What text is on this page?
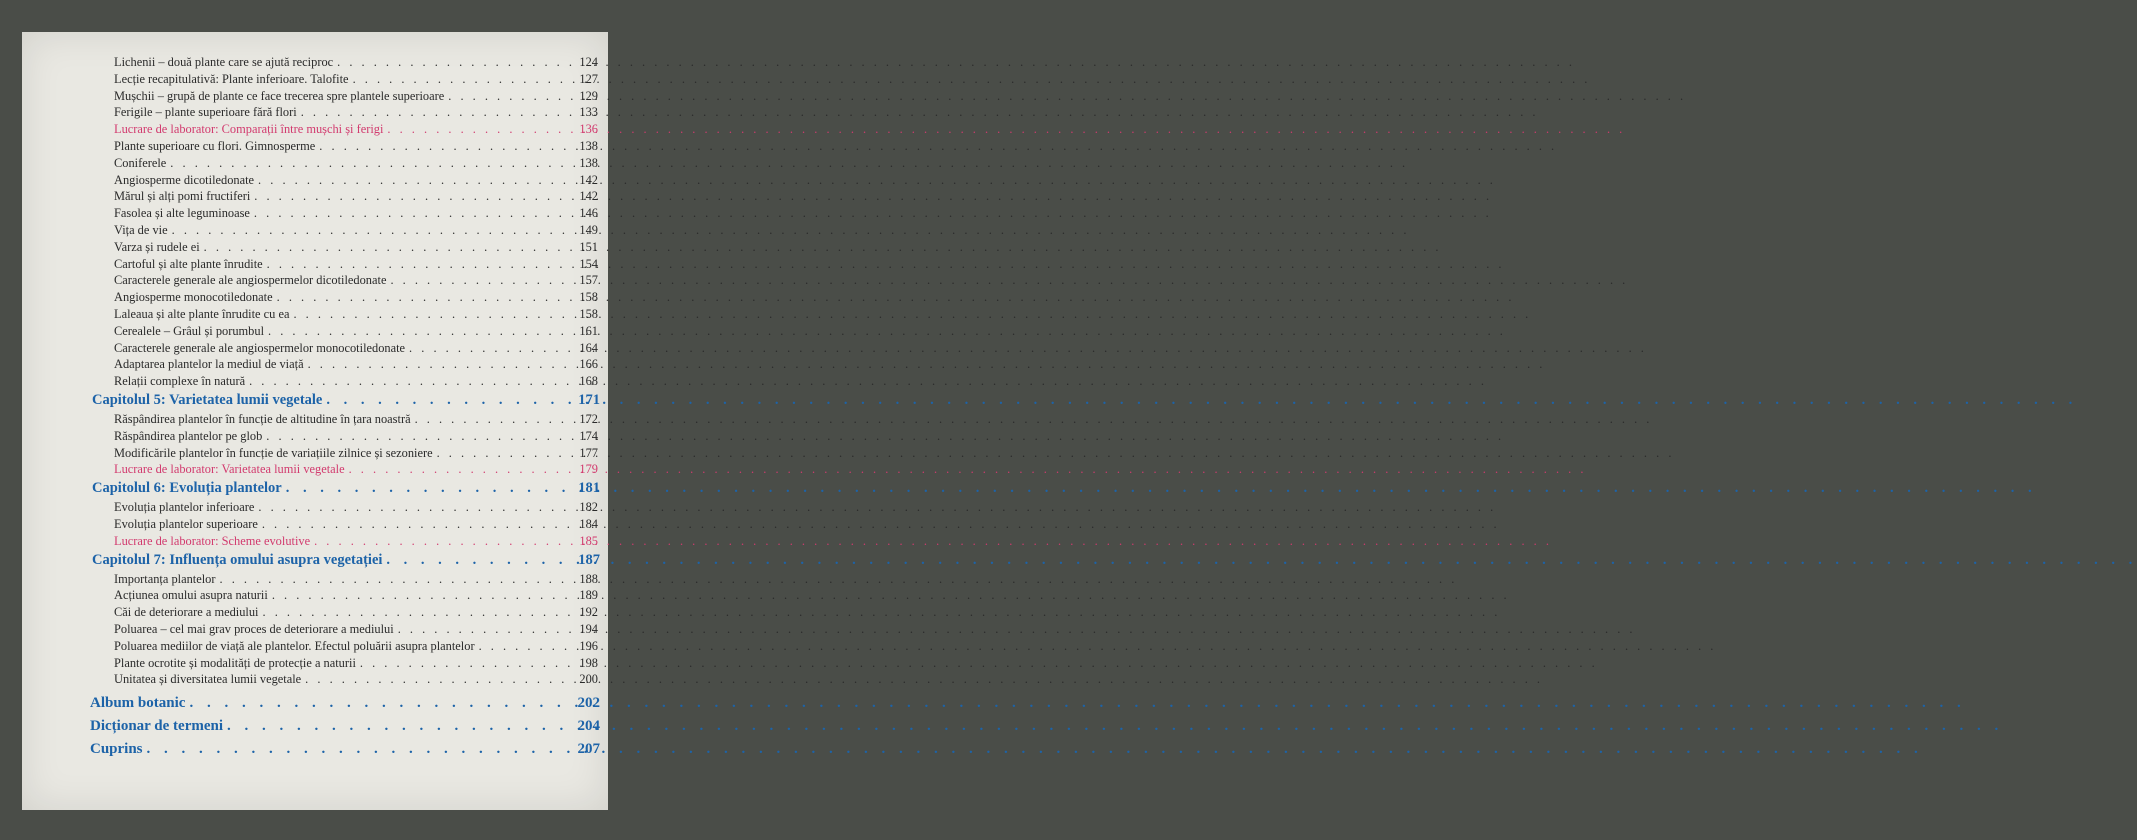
Lichenii – două plante care se ajută reciproc . . .	124
Lecție recapitulativă: Plante inferioare. Talofite . . .	127
Mușchii – grupă de plante ce face trecerea spre plantele superioare . . .	129
Ferigile – plante superioare fără flori . . .	133
Lucrare de laborator: Comparații între mușchi și ferigi . . .	136
Plante superioare cu flori. Gimnosperme . . .	138
Coniferele . . .	138
Angiosperme dicotiledonate . . .	142
Mărul și alți pomi fructiferi . . .	142
Fasolea și alte leguminoase . . .	146
Vița de vie . . .	149
Varza și rudele ei . . .	151
Cartoful și alte plante înrudite . . .	154
Caracterele generale ale angiospermelor dicotiledonate . . .	157
Angiosperme monocotiledonate . . .	158
Laleaua și alte plante înrudite cu ea . . .	158
Cerealele – Grâul și porumbul . . .	161
Caracterele generale ale angiospermelor monocotiledonate . . .	164
Adaptarea plantelor la mediul de viață . . .	166
Relații complexe în natură . . .	168
Capitolul 5: Varietatea lumii vegetale . . .	171
Răspândirea plantelor în funcție de altitudine în țara noastră . . .	172
Răspândirea plantelor pe glob . . .	174
Modificările plantelor în funcție de variațiile zilnice și sezoniere . . .	177
Lucrare de laborator: Varietatea lumii vegetale . . .	179
Capitolul 6: Evoluția plantelor . . .	181
Evoluția plantelor inferioare . . .	182
Evoluția plantelor superioare . . .	184
Lucrare de laborator: Scheme evolutive . . .	185
Capitolul 7: Influența omului asupra vegetației . . .	187
Importanța plantelor . . .	188
Acțiunea omului asupra naturii . . .	189
Căi de deteriorare a mediului . . .	192
Poluarea – cel mai grav proces de deteriorare a mediului . . .	194
Poluarea mediilor de viață ale plantelor. Efectul poluării asupra plantelor . . .	196
Plante ocrotite și modalități de protecție a naturii . . .	198
Unitatea și diversitatea lumii vegetale . . .	200
Album botanic . . .	202
Dicționar de termeni . . .	204
Cuprins . . .	207
